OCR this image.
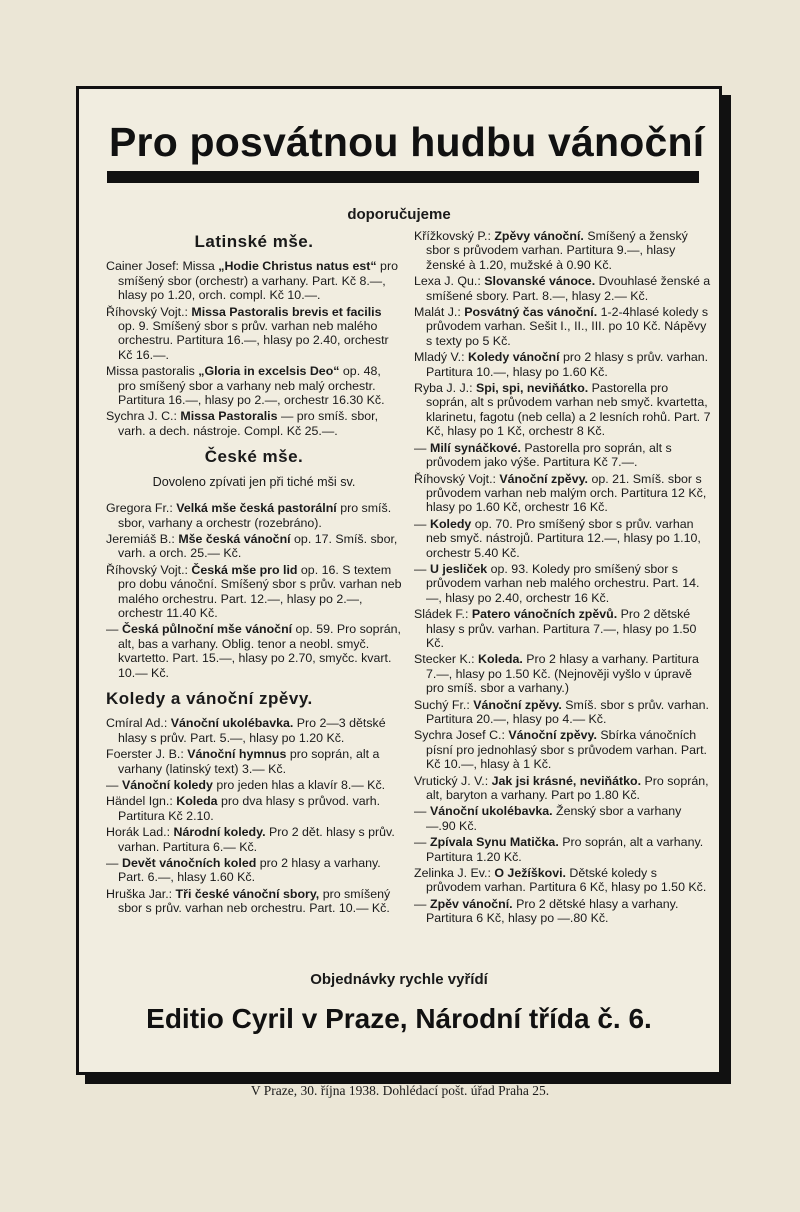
Pro posvátnou hudbu vánoční
doporučujeme
Latinské mše.

Cainer Josef: Missa „Hodie Christus natus est“ pro smíšený sbor (orchestr) a varhany. Part. Kč 8.—, hlasy po 1.20, orch. compl. Kč 10.—.

Říhovský Vojt.: Missa Pastoralis brevis et facilis op. 9. Smíšený sbor s prův. varhan neb malého orchestru. Partitura 16.—, hlasy po 2.40, orchestr Kč 16.—.

Missa pastoralis „Gloria in excelsis Deo“ op. 48, pro smíšený sbor a varhany neb malý orchestr. Partitura 16.—, hlasy po 2.—, orchestr 16.30 Kč.

Sychra J. C.: Missa Pastoralis — pro smíš. sbor, varh. a dech. nástroje. Compl. Kč 25.—.

České mše.
Dovoleno zpívati jen při tiché mši sv.

Gregora Fr.: Velká mše česká pastorální pro smíš. sbor, varhany a orchestr (rozebráno).

Jeremiáš B.: Mše česká vánoční op. 17. Smíš. sbor, varh. a orch. 25.— Kč.

Říhovský Vojt.: Česká mše pro lid op. 16. S textem pro dobu vánoční. Smíšený sbor s prův. varhan neb malého orchestru. Part. 12.—, hlasy po 2.—, orchestr 11.40 Kč.

— Česká půlnoční mše vánoční op. 59. Pro soprán, alt, bas a varhany. Oblig. tenor a neobl. smyč. kvartetto. Part. 15.—, hlasy po 2.70, smyčc. kvart. 10.— Kč.

Koledy a vánoční zpěvy.

Cmíral Ad.: Vánoční ukolébavka. Pro 2—3 dětské hlasy s prův. Part. 5.—, hlasy po 1.20 Kč.

Foerster J. B.: Vánoční hymnus pro soprán, alt a varhany (latinský text) 3.— Kč.

— Vánoční koledy pro jeden hlas a klavír 8.— Kč.

Händel Ign.: Koleda pro dva hlasy s průvod. varh. Partitura Kč 2.10.

Horák Lad.: Národní koledy. Pro 2 dět. hlasy s prův. varhan. Partitura 6.— Kč.

— Devět vánočních koled pro 2 hlasy a varhany. Part. 6.—, hlasy 1.60 Kč.

Hruška Jar.: Tři české vánoční sbory, pro smíšený sbor s prův. varhan neb orchestru. Part. 10.— Kč.

Křížkovský P.: Zpěvy vánoční. Smíšený a ženský sbor s průvodem varhan. Partitura 9.—, hlasy ženské à 1.20, mužské à 0.90 Kč.

Lexa J. Qu.: Slovanské vánoce. Dvouhlasé ženské a smíšené sbory. Part. 8.—, hlasy 2.— Kč.

Malát J.: Posvátný čas vánoční. 1-2-4hlasé koledy s průvodem varhan. Sešit I., II., III. po 10 Kč. Nápěvy s texty po 5 Kč.

Mladý V.: Koledy vánoční pro 2 hlasy s prův. varhan. Partitura 10.—, hlasy po 1.60 Kč.

Ryba J. J.: Spi, spi, neviňátko. Pastorella pro soprán, alt s průvodem varhan neb smyč. kvartetta, klarinetu, fagotu (neb cella) a 2 lesních rohů. Part. 7 Kč, hlasy po 1 Kč, orchestr 8 Kč.

— Milí synáčkové. Pastorella pro soprán, alt s průvodem jako výše. Partitura Kč 7.—.

Říhovský Vojt.: Vánoční zpěvy. op. 21. Smíš. sbor s průvodem varhan neb malým orch. Partitura 12 Kč, hlasy po 1.60 Kč, orchestr 16 Kč.

— Koledy op. 70. Pro smíšený sbor s prův. varhan neb smyč. nástrojů. Partitura 12.—, hlasy po 1.10, orchestr 5.40 Kč.

— U jesliček op. 93. Koledy pro smíšený sbor s průvodem varhan neb malého orchestru. Part. 14.—, hlasy po 2.40, orchestr 16 Kč.

Sládek F.: Patero vánočních zpěvů. Pro 2 dětské hlasy s prův. varhan. Partitura 7.—, hlasy po 1.50 Kč.

Stecker K.: Koleda. Pro 2 hlasy a varhany. Partitura 7.—, hlasy po 1.50 Kč. (Nejnověji vyšlo v úpravě pro smíš. sbor a varhany.)

Suchý Fr.: Vánoční zpěvy. Smíš. sbor s prův. varhan. Partitura 20.—, hlasy po 4.— Kč.

Sychra Josef C.: Vánoční zpěvy. Sbírka vánočních písní pro jednohlasý sbor s průvodem varhan. Part. Kč 10.—, hlasy à 1 Kč.

Vrutický J. V.: Jak jsi krásné, neviňátko. Pro soprán, alt, baryton a varhany. Part po 1.80 Kč.

— Vánoční ukolébavka. Ženský sbor a varhany —.90 Kč.

— Zpívala Synu Matička. Pro soprán, alt a varhany. Partitura 1.20 Kč.

Zelinka J. Ev.: O Ježíškovi. Dětské koledy s průvodem varhan. Partitura 6 Kč, hlasy po 1.50 Kč.

— Zpěv vánoční. Pro 2 dětské hlasy a varhany. Partitura 6 Kč, hlasy po —.80 Kč.

Objednávky rychle vyřídí
Editio Cyril v Praze, Národní třída č. 6.
V Praze, 30. října 1938. Dohlédací pošt. úřad Praha 25.
